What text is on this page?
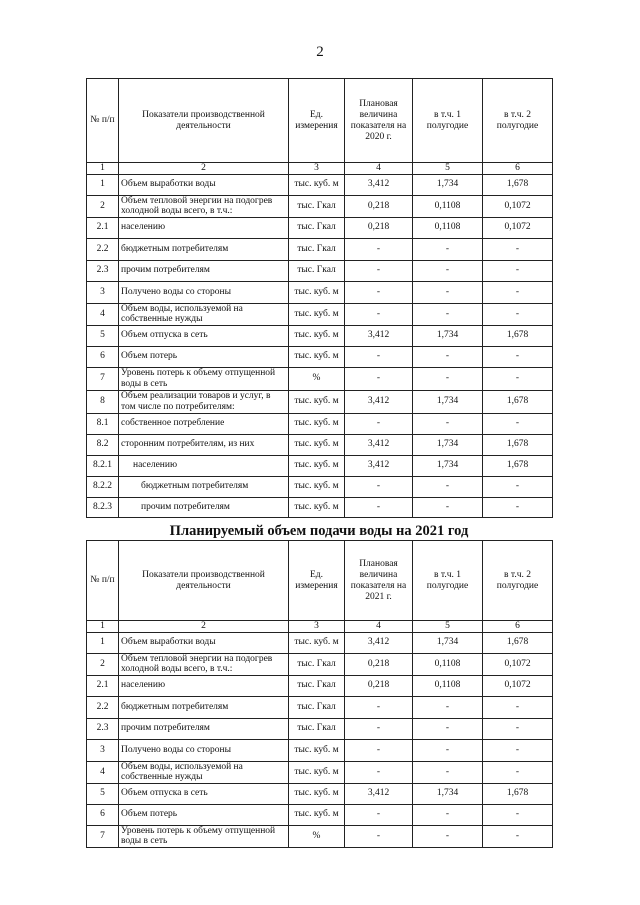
2
№ п/п	Показатели производственной деятельности	Ед. измерения	Плановая величина показателя на 2020 г.	в т.ч. 1 полугодие	в т.ч. 2 полугодие
1	2	3	4	5	6
1	Объем выработки воды	тыс. куб. м	3,412	1,734	1,678
2	Объем тепловой энергии на подогрев холодной воды всего, в т.ч.:	тыс. Гкал	0,218	0,1108	0,1072
2.1	населению	тыс. Гкал	0,218	0,1108	0,1072
2.2	бюджетным потребителям	тыс. Гкал	-	-	-
2.3	прочим потребителям	тыс. Гкал	-	-	-
3	Получено воды со стороны	тыс. куб. м	-	-	-
4	Объем воды, используемой на собственные нужды	тыс. куб. м	-	-	-
5	Объем отпуска в сеть	тыс. куб. м	3,412	1,734	1,678
6	Объем потерь	тыс. куб. м	-	-	-
7	Уровень потерь к объему отпущенной воды в сеть	%	-	-	-
8	Объем реализации товаров и услуг, в том числе по потребителям:	тыс. куб. м	3,412	1,734	1,678
8.1	собственное потребление	тыс. куб. м	-	-	-
8.2	сторонним потребителям, из них	тыс. куб. м	3,412	1,734	1,678
8.2.1	населению	тыс. куб. м	3,412	1,734	1,678
8.2.2	бюджетным потребителям	тыс. куб. м	-	-	-
8.2.3	прочим потребителям	тыс. куб. м	-	-	-
Планируемый объем подачи воды на 2021 год
№ п/п	Показатели производственной деятельности	Ед. измерения	Плановая величина показателя на 2021 г.	в т.ч. 1 полугодие	в т.ч. 2 полугодие
1	2	3	4	5	6
1	Объем выработки воды	тыс. куб. м	3,412	1,734	1,678
2	Объем тепловой энергии на подогрев холодной воды всего, в т.ч.:	тыс. Гкал	0,218	0,1108	0,1072
2.1	населению	тыс. Гкал	0,218	0,1108	0,1072
2.2	бюджетным потребителям	тыс. Гкал	-	-	-
2.3	прочим потребителям	тыс. Гкал	-	-	-
3	Получено воды со стороны	тыс. куб. м	-	-	-
4	Объем воды, используемой на собственные нужды	тыс. куб. м	-	-	-
5	Объем отпуска в сеть	тыс. куб. м	3,412	1,734	1,678
6	Объем потерь	тыс. куб. м	-	-	-
7	Уровень потерь к объему отпущенной воды в сеть	%	-	-	-
